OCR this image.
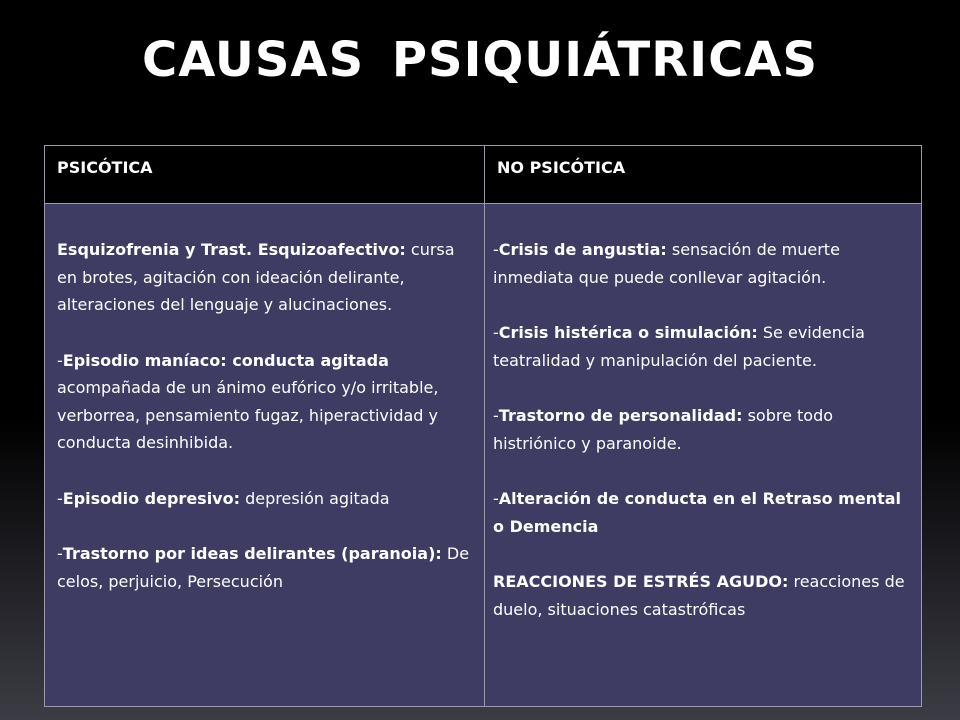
CAUSAS PSIQUIÁTRICAS
PSICÓTICA	NO PSICÓTICA

Esquizofrenia y Trast. Esquizoafectivo: cursa en brotes, agitación con ideación delirante, alteraciones del lenguaje y alucinaciones.

-Episodio maníaco: conducta agitada acompañada de un ánimo eufórico y/o irritable, verborrea, pensamiento fugaz, hiperactividad y conducta desinhibida.

-Episodio depresivo: depresión agitada

-Trastorno por ideas delirantes (paranoia): De celos, perjuicio, Persecución

-Crisis de angustia: sensación de muerte inmediata que puede conllevar agitación.

-Crisis histérica o simulación: Se evidencia teatralidad y manipulación del paciente.

-Trastorno de personalidad: sobre todo histriónico y paranoide.

-Alteración de conducta en el Retraso mental o Demencia

REACCIONES DE ESTRÉS AGUDO: reacciones de duelo, situaciones catastróficas
